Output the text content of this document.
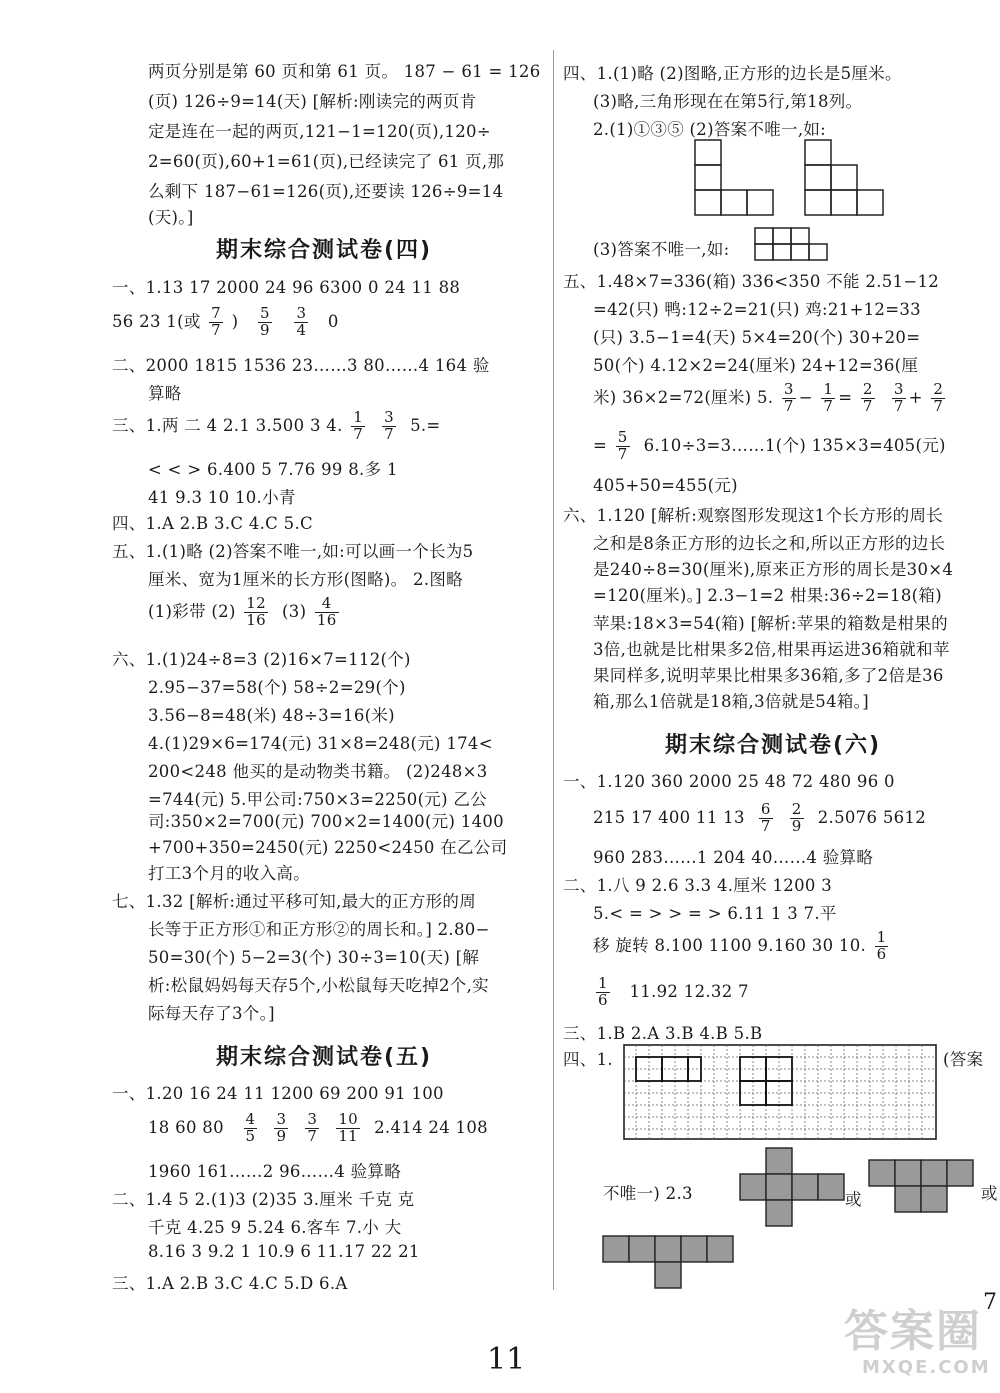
两页分别是第 60 页和第 61 页。 187 − 61 = 126
(页) 126÷9=14(天) [解析:刚读完的两页肯
定是连在一起的两页,121−1=120(页),120÷
2=60(页),60+1=61(页),已经读完了 61 页,那
么剩下 187−61=126(页),还要读 126÷9=14
(天)。]
期末综合测试卷(四)
一、1.13 17 2000 24 96 6300 0 24 11 88
56 23 1(或 $\frac{7}{7}$ ) $\frac{5}{9}$
$\frac{3}{4} 0$
二、2000 1815 1536 23……3 80……4 164 验
算略
三、1.两 二 4 2.1 3.500 3 4. $\frac{1}{7}$
$\frac{3}{7} 5.=$
< < > 6.400 5 7.76 99 8.多 1
41 9.3 10 10.小青
四、1.A 2.B 3.C 4.C 5.C
五、1.(1)略 (2)答案不唯一,如:可以画一个长为5
厘米、宽为1厘米的长方形(图略)。 2.图略
(1)彩带 $(2) \frac{12}{16} (3) \frac{4}{16}$
六、1.(1)24÷8=3 (2)16×7=112(个)
2.95−37=58(个) 58÷2=29(个)
3.56−8=48(米) 48÷3=16(米)
4.(1)29×6=174(元) 31×8=248(元) 174<
200<248 他买的是动物类书籍。 (2)248×3
=744(元) 5.甲公司:750×3=2250(元) 乙公
司:350×2=700(元) 700×2=1400(元) 1400
+700+350=2450(元) 2250<2450 在乙公司
打工3个月的收入高。
七、1.32 [解析:通过平移可知,最大的正方形的周
长等于正方形①和正方形②的周长和。] 2.80−
50=30(个) 5−2=3(个) 30÷3=10(天) [解
析:松鼠妈妈每天存5个,小松鼠每天吃掉2个,实
际每天存了3个。]
期末综合测试卷(五)
一、1.20 16 24 11 1200 69 200 91 100
18 60 $80 \frac{4}{5}$
$\frac{3}{9}$
$\frac{3}{7}$
$\frac{10}{11} 2.414$ 24 108
1960 161……2 96……4 验算略
二、1.4 5 2.(1)3 (2)35 3.厘米 千克 克
千克 4.25 9 5.24 6.客车 7.小 大
8.16 3 9.2 1 10.9 6 11.17 22 21
三、1.A 2.B 3.C 4.C 5.D 6.A
四、1.(1)略 (2)图略,正方形的边长是5厘米。
(3)略,三角形现在在第5行,第18列。
2.(1)①③⑤ (2)答案不唯一,如:
(3)答案不唯一,如:
五、1.48×7=336(箱) 336<350 不能 2.51−12
=42(只) 鸭:12÷2=21(只) 鸡:21+12=33
(只) 3.5−1=4(天) 5×4=20(个) 30+20=
50(个) 4.12×2=24(厘米) 24+12=36(厘
米) 36×2=72(厘米) 5. $\frac{3}{7} - \frac{1}{7} = \frac{2}{7}$
$\frac{3}{7} + \frac{2}{7}$
= $\frac{5}{7}$ 6.10÷3=3……1(个) 135×3=405(元)
405+50=455(元)
六、1.120 [解析:观察图形发现这1个长方形的周长
之和是8条正方形的边长之和,所以正方形的边长
是240÷8=30(厘米),原来正方形的周长是30×4
=120(厘米)。] 2.3−1=2 柑果:36÷2=18(箱)
苹果:18×3=54(箱) [解析:苹果的箱数是柑果的
3倍,也就是比柑果多2倍,柑果再运进36箱就和苹
果同样多,说明苹果比柑果多36箱,多了2倍是36
箱,那么1倍就是18箱,3倍就是54箱。]
期末综合测试卷(六)
一、1.120 360 2000 25 48 72 480 96 0
215 17 400 11 $13 \frac{6}{7}$
$\frac{2}{9} 2.5076$ 5612
960 283……1 204 40……4 验算略
二、1.八 9 2.6 3.3 4.厘米 1200 3
5.< = > > = > 6.11 1 3 7.平
移 旋转 8.100 1100 9.160 30 10. $\frac{1}{6}$
$\frac{1}{6} 11.92$ 12.32 7
三、1.B 2.A 3.B 4.B 5.B
四、1.	(答案
不唯一) 2.3	或	或
11
7
答案圈
MXQE.COM
